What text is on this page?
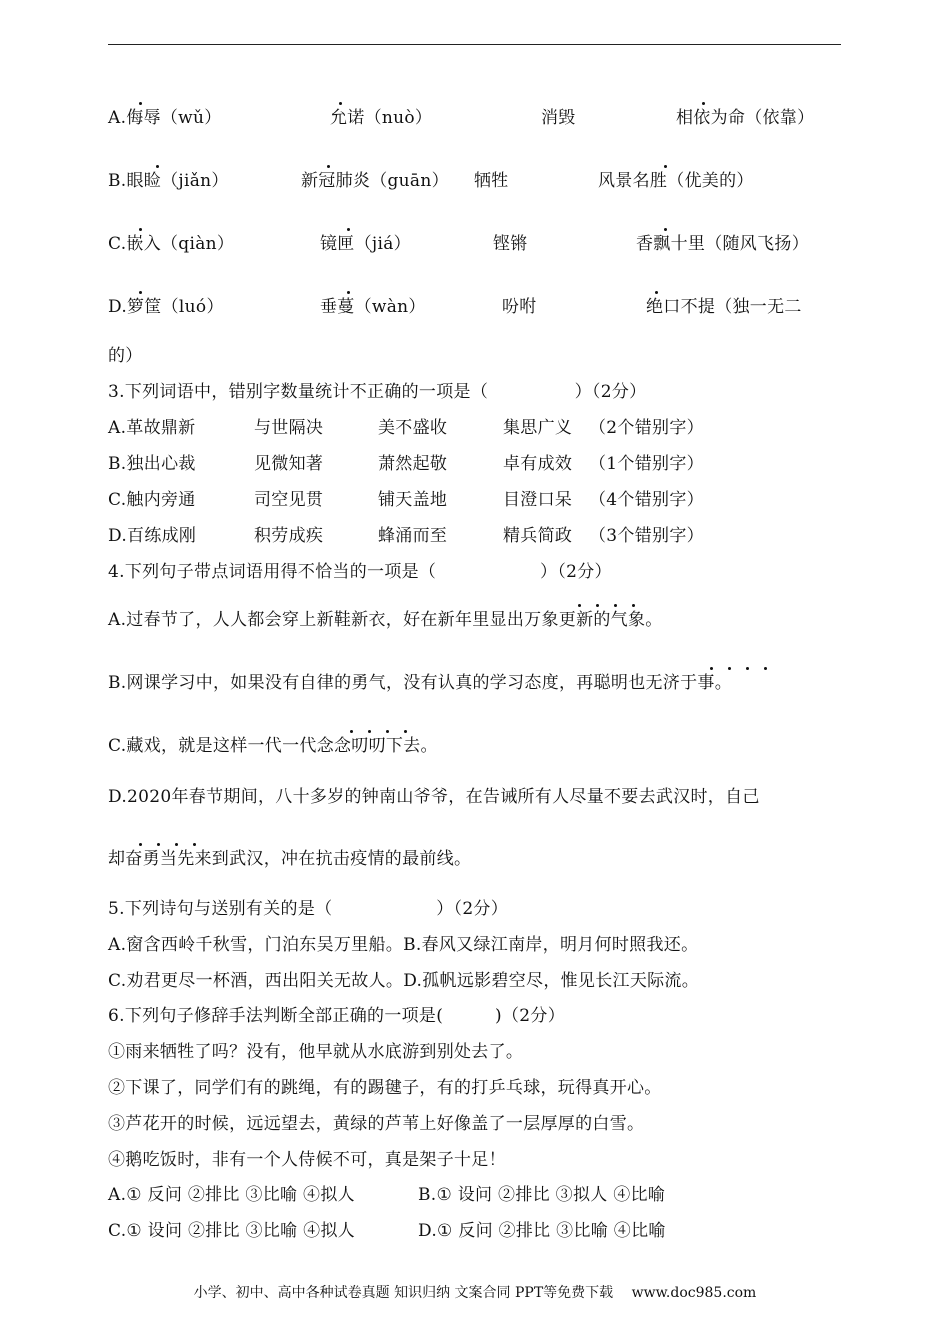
A.侮辱（wǔ）	允诺（nuò）	消毁	相依为命（依靠）
B.眼睑（jiǎn）	新冠肺炎（guān） 牺牲	风景名胜（优美的）
C.嵌入（qiàn）	镜匣（jiá）	铿锵	香飘十里（随风飞扬）
D.箩筐（luó）	垂蔓（wàn）	吩咐	绝口不提（独一无二
的）
3.下列词语中，错别字数量统计不正确的一项是（　　　　　）（2分）
A.革故鼎新	与世隔决	美不盛收	集思广义 （2个错别字）
B.独出心裁	见微知著	萧然起敬	卓有成效 （1个错别字）
C.触内旁通	司空见贯	铺天盖地	目澄口呆 （4个错别字）
D.百练成刚	积劳成疾	蜂涌而至	精兵简政 （3个错别字）
4.下列句子带点词语用得不恰当的一项是（　　　　　　）（2分）
A.过春节了，人人都会穿上新鞋新衣，好在新年里显出万象更新的气象。
B.网课学习中，如果没有自律的勇气，没有认真的学习态度，再聪明也无济于事。
C.藏戏，就是这样一代一代念念叨叨下去。
D.2020年春节期间，八十多岁的钟南山爷爷，在告诫所有人尽量不要去武汉时，自己
却奋勇当先来到武汉，冲在抗击疫情的最前线。
5.下列诗句与送别有关的是（　　　　　　）（2分）
A.窗含西岭千秋雪，门泊东吴万里船。B.春风又绿江南岸，明月何时照我还。
C.劝君更尽一杯酒，西出阳关无故人。D.孤帆远影碧空尽，惟见长江天际流。
6.下列句子修辞手法判断全部正确的一项是(　　　)（2分）
①雨来牺牲了吗？没有，他早就从水底游到别处去了。
②下课了，同学们有的跳绳，有的踢毽子，有的打乒乓球，玩得真开心。
③芦花开的时候，远远望去，黄绿的芦苇上好像盖了一层厚厚的白雪。
④鹅吃饭时，非有一个人侍候不可，真是架子十足！
A.① 反问 ②排比 ③比喻 ④拟人	B.① 设问 ②排比 ③拟人 ④比喻
C.① 设问 ②排比 ③比喻 ④拟人	D.① 反问 ②排比 ③比喻 ④比喻
小学、初中、高中各种试卷真题 知识归纳 文案合同 PPT等免费下载　 www.doc985.com
